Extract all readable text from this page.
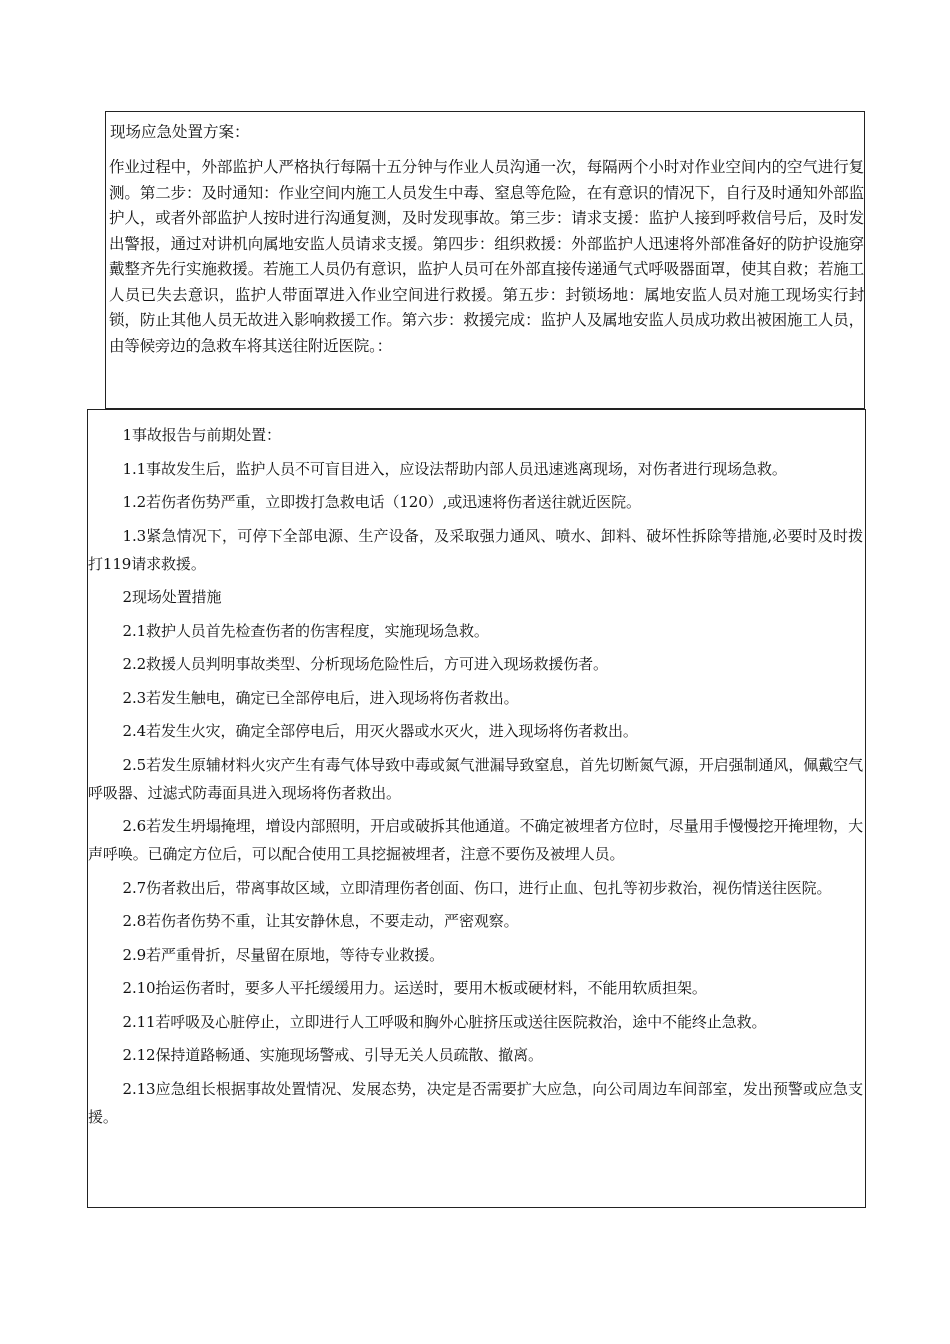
现场应急处置方案：
作业过程中，外部监护人严格执行每隔十五分钟与作业人员沟通一次，每隔两个小时对作业空间内的空气进行复测。第二步：及时通知：作业空间内施工人员发生中毒、窒息等危险，在有意识的情况下，自行及时通知外部监护人，或者外部监护人按时进行沟通复测，及时发现事故。第三步：请求支援：监护人接到呼救信号后，及时发出警报，通过对讲机向属地安监人员请求支援。第四步：组织救援：外部监护人迅速将外部准备好的防护设施穿戴整齐先行实施救援。若施工人员仍有意识，监护人员可在外部直接传递通气式呼吸器面罩，使其自救；若施工人员已失去意识，监护人带面罩进入作业空间进行救援。第五步：封锁场地：属地安监人员对施工现场实行封锁，防止其他人员无故进入影响救援工作。第六步：救援完成：监护人及属地安监人员成功救出被困施工人员，由等候旁边的急救车将其送往附近医院。：

1事故报告与前期处置：

1.1事故发生后，监护人员不可盲目进入，应设法帮助内部人员迅速逃离现场，对伤者进行现场急救。

1.2若伤者伤势严重，立即拨打急救电话（120）,或迅速将伤者送往就近医院。

1.3紧急情况下，可停下全部电源、生产设备，及采取强力通风、喷水、卸料、破坏性拆除等措施,必要时及时拨打119请求救援。

2现场处置措施

2.1救护人员首先检查伤者的伤害程度，实施现场急救。

2.2救援人员判明事故类型、分析现场危险性后，方可进入现场救援伤者。

2.3若发生触电，确定已全部停电后，进入现场将伤者救出。

2.4若发生火灾，确定全部停电后，用灭火器或水灭火，进入现场将伤者救出。

2.5若发生原辅材料火灾产生有毒气体导致中毒或氮气泄漏导致窒息，首先切断氮气源，开启强制通风，佩戴空气呼吸器、过滤式防毒面具进入现场将伤者救出。

2.6若发生坍塌掩埋，增设内部照明，开启或破拆其他通道。不确定被埋者方位时，尽量用手慢慢挖开掩埋物，大声呼唤。已确定方位后，可以配合使用工具挖掘被埋者，注意不要伤及被埋人员。

2.7伤者救出后，带离事故区域，立即清理伤者创面、伤口，进行止血、包扎等初步救治，视伤情送往医院。

2.8若伤者伤势不重，让其安静休息，不要走动，严密观察。

2.9若严重骨折，尽量留在原地，等待专业救援。

2.10抬运伤者时，要多人平托缓缓用力。运送时，要用木板或硬材料，不能用软质担架。

2.11若呼吸及心脏停止，立即进行人工呼吸和胸外心脏挤压或送往医院救治，途中不能终止急救。

2.12保持道路畅通、实施现场警戒、引导无关人员疏散、撤离。

2.13应急组长根据事故处置情况、发展态势，决定是否需要扩大应急，向公司周边车间部室，发出预警或应急支援。
